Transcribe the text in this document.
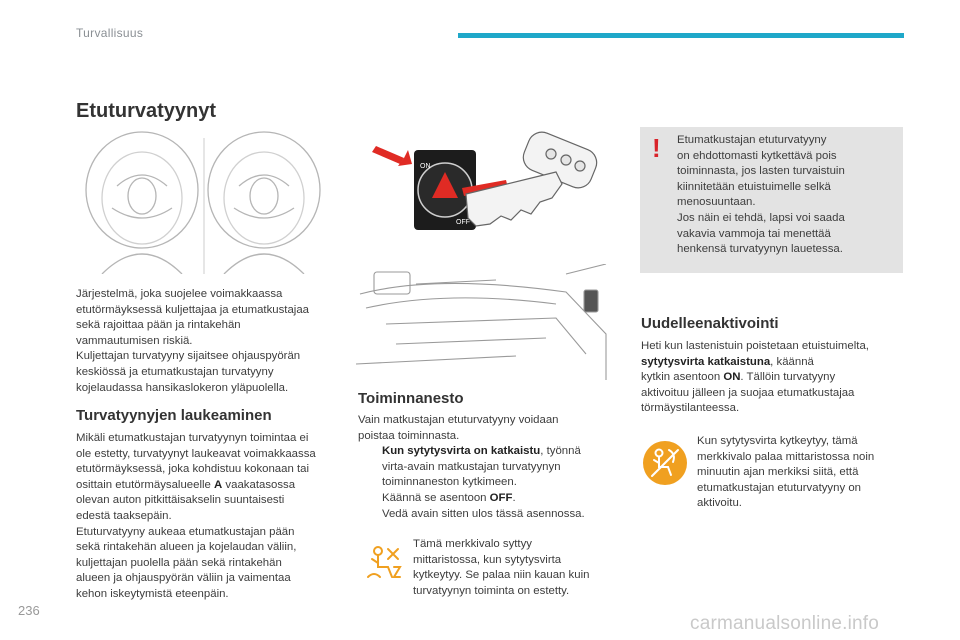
Turvallisuus
Etuturvatyynyt
Järjestelmä, joka suojelee voimakkaassa
etutörmäyksessä kuljettajaa ja etumatkustajaa
sekä rajoittaa pään ja rintakehän
vammautumisen riskiä.
Kuljettajan turvatyyny sijaitsee ohjauspyörän
keskiössä ja etumatkustajan turvatyyny
kojelaudassa hansikaslokeron yläpuolella.
Turvatyynyjen laukeaminen
Mikäli etumatkustajan turvatyynyn toimintaa ei
ole estetty, turvatyynyt laukeavat voimakkaassa
etutörmäyksessä, joka kohdistuu kokonaan tai
osittain etutörmäysalueelle A vaakatasossa
olevan auton pitkittäisakselin suuntaisesti
edestä taaksepäin.
Etuturvatyyny aukeaa etumatkustajan pään
sekä rintakehän alueen ja kojelaudan väliin,
kuljettajan puolella pään sekä rintakehän
alueen ja ohjauspyörän väliin ja vaimentaa
kehon iskeytymistä eteenpäin.
ON
OFF
Toiminnanesto
Vain matkustajan etuturvatyyny voidaan
poistaa toiminnasta.
Kun sytytysvirta on katkaistu, työnnä
virta-avain matkustajan turvatyynyn
toiminnaneston kytkimeen.
Käännä se asentoon OFF.
Vedä avain sitten ulos tässä asennossa.
Tämä merkkivalo syttyy
mittaristossa, kun sytytysvirta
kytkeytyy. Se palaa niin kauan kuin
turvatyynyn toiminta on estetty.
! Etumatkustajan etuturvatyyny
on ehdottomasti kytkettävä pois
toiminnasta, jos lasten turvaistuin
kiinnitetään etuistuimelle selkä
menosuuntaan.
Jos näin ei tehdä, lapsi voi saada
vakavia vammoja tai menettää
henkensä turvatyynyn lauetessa.
Uudelleenaktivointi
Heti kun lastenistuin poistetaan etuistuimelta,
sytytysvirta katkaistuna, käännä
kytkin asentoon ON. Tällöin turvatyyny
aktivoituu jälleen ja suojaa etumatkustajaa
törmäystilanteessa.
Kun sytytysvirta kytkeytyy, tämä
merkkivalo palaa mittaristossa noin
minuutin ajan merkiksi siitä, että
etumatkustajan etuturvatyyny on
aktivoitu.
236
carmanualsonline.info
